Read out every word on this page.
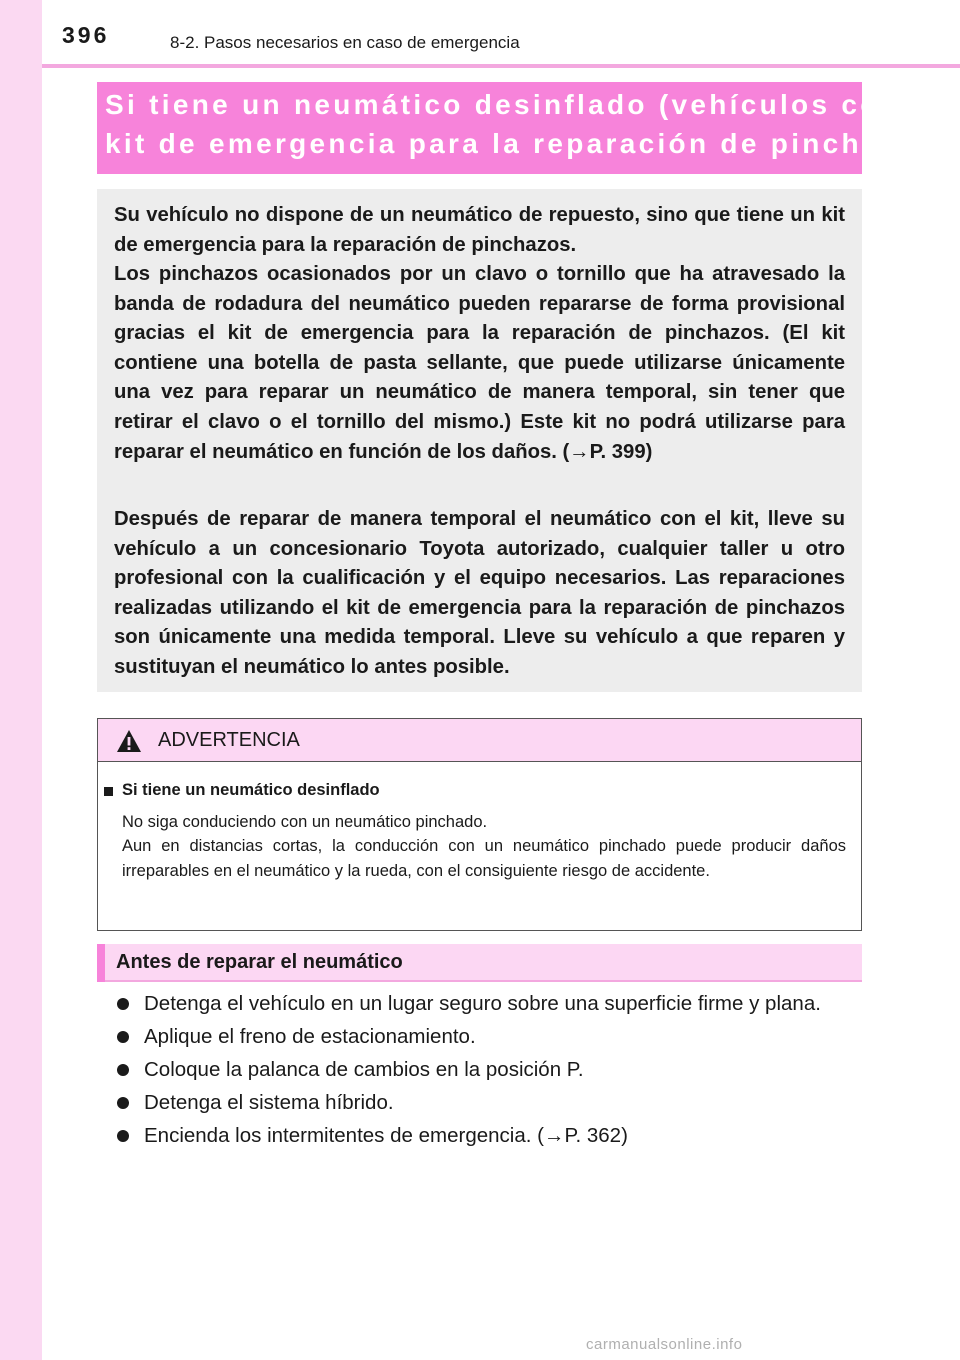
396	8-2. Pasos necesarios en caso de emergencia
Si tiene un neumático desinflado (vehículos con un
kit de emergencia para la reparación de pinchazos)

Su vehículo no dispone de un neumático de repuesto, sino que tiene un kit de emergencia para la reparación de pinchazos.

Los pinchazos ocasionados por un clavo o tornillo que ha atravesado la banda de rodadura del neumático pueden repararse de forma provisional gracias el kit de emergencia para la reparación de pinchazos. (El kit contiene una botella de pasta sellante, que puede utilizarse únicamente una vez para reparar un neumático de manera temporal, sin tener que retirar el clavo o el tornillo del mismo.) Este kit no podrá utilizarse para reparar el neumático en función de los daños. (→P. 399)

Después de reparar de manera temporal el neumático con el kit, lleve su vehículo a un concesionario Toyota autorizado, cualquier taller u otro profesional con la cualificación y el equipo necesarios. Las reparaciones realizadas utilizando el kit de emergencia para la reparación de pinchazos son únicamente una medida temporal. Lleve su vehículo a que reparen y sustituyan el neumático lo antes posible.

ADVERTENCIA
Si tiene un neumático desinflado

No siga conduciendo con un neumático pinchado.
Aun en distancias cortas, la conducción con un neumático pinchado puede producir daños irreparables en el neumático y la rueda, con el consiguiente riesgo de accidente.

Antes de reparar el neumático
Detenga el vehículo en un lugar seguro sobre una superficie firme y plana.
Aplique el freno de estacionamiento.
Coloque la palanca de cambios en la posición P.
Detenga el sistema híbrido.
Encienda los intermitentes de emergencia. (→P. 362)
carmanualsonline.info
